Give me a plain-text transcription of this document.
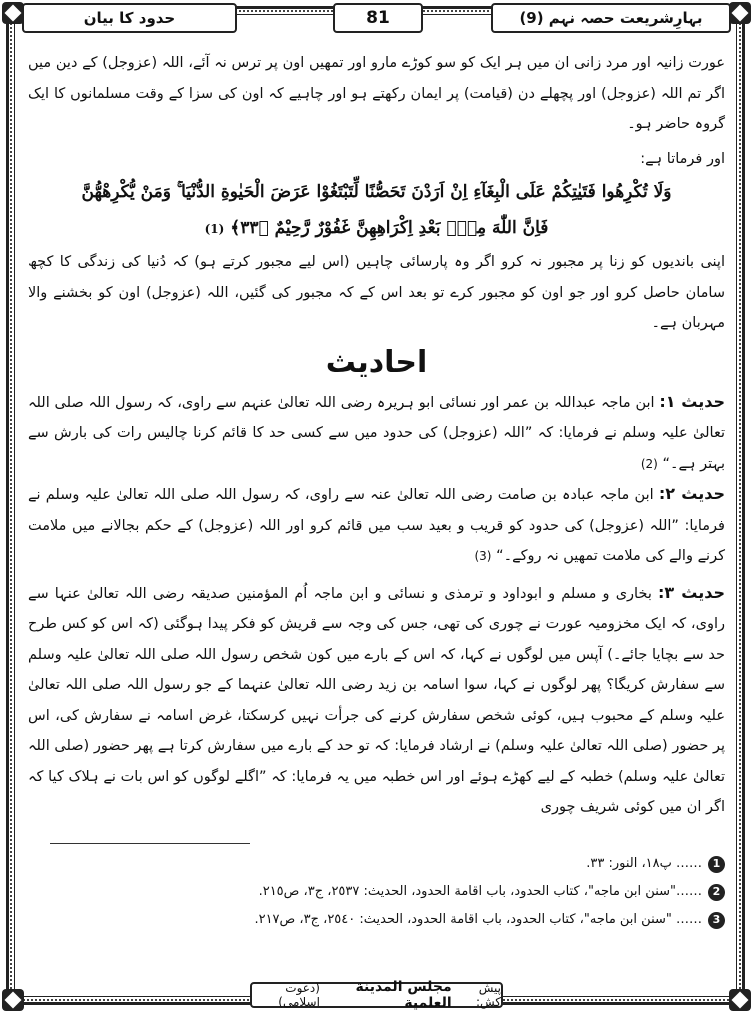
بہارِشریعت حصہ نہم (9)
81
حدود کا بیان

عورت زانیہ اور مرد زانی ان میں ہر ایک کو سو کوڑے مارو اور تمھیں اون پر ترس نہ آئے، اللہ (عزوجل) کے دین میں اگر تم اللہ (عزوجل) اور پچھلے دن (قیامت) پر ایمان رکھتے ہو اور چاہیے کہ اون کی سزا کے وقت مسلمانوں کا ایک گروہ حاضر ہو۔

اور فرماتا ہے:

وَلَا تُكْرِهُوا فَتَيٰتِكُمْ عَلَى الْبِغَآءِ اِنْ اَرَدْنَ تَحَصُّنًا لِّتَبْتَغُوْا عَرَضَ الْحَيٰوةِ الدُّنْيَا ۚ وَمَنْ يُّكْرِهْهُّنَّ

فَاِنَّ اللّٰهَ مِنْۢ بَعْدِ اِكْرَاهِهِنَّ غَفُوْرٌ رَّحِيْمٌ ﴿٣٣﴾ (1)

اپنی باندیوں کو زنا پر مجبور نہ کرو اگر وہ پارسائی چاہیں (اس لیے مجبور کرتے ہو) کہ دُنیا کی زندگی کا کچھ سامان حاصل کرو اور جو اون کو مجبور کرے تو بعد اس کے کہ مجبور کی گئیں، اللہ (عزوجل) اون کو بخشنے والا مہربان ہے۔

احادیث

حدیث ۱: ابن ماجہ عبداللہ بن عمر اور نسائی ابو ہریرہ رضی اللہ تعالیٰ عنہم سے راوی، کہ رسول اللہ صلی اللہ تعالیٰ علیہ وسلم نے فرمایا: کہ ”اللہ (عزوجل) کی حدود میں سے کسی حد کا قائم کرنا چالیس رات کی بارش سے بہتر ہے۔“ (2)

حدیث ۲: ابن ماجہ عبادہ بن صامت رضی اللہ تعالیٰ عنہ سے راوی، کہ رسول اللہ صلی اللہ تعالیٰ علیہ وسلم نے فرمایا: ”اللہ (عزوجل) کی حدود کو قریب و بعید سب میں قائم کرو اور اللہ (عزوجل) کے حکم بجالانے میں ملامت کرنے والے کی ملامت تمھیں نہ روکے۔“ (3)

حدیث ۳: بخاری و مسلم و ابوداود و ترمذی و نسائی و ابن ماجہ اُم المؤمنین صدیقہ رضی اللہ تعالیٰ عنہا سے راوی، کہ ایک مخزومیہ عورت نے چوری کی تھی، جس کی وجہ سے قریش کو فکر پیدا ہوگئی (کہ اس کو کس طرح حد سے بچایا جائے۔) آپس میں لوگوں نے کہا، کہ اس کے بارے میں کون شخص رسول اللہ صلی اللہ تعالیٰ علیہ وسلم سے سفارش کریگا؟ پھر لوگوں نے کہا، سوا اسامہ بن زید رضی اللہ تعالیٰ عنہما کے جو رسول اللہ صلی اللہ تعالیٰ علیہ وسلم کے محبوب ہیں، کوئی شخص سفارش کرنے کی جرأت نہیں کرسکتا، غرض اسامہ نے سفارش کی، اس پر حضور (صلی اللہ تعالیٰ علیہ وسلم) نے ارشاد فرمایا: کہ تو حد کے بارے میں سفارش کرتا ہے پھر حضور (صلی اللہ تعالیٰ علیہ وسلم) خطبہ کے لیے کھڑے ہوئے اور اس خطبہ میں یہ فرمایا: کہ ”اگلے لوگوں کو اس بات نے ہلاک کیا کہ اگر ان میں کوئی شریف چوری

1
…… پ۱۸، النور: ۳۳.
2
……"سنن ابن ماجه"، كتاب الحدود، باب اقامة الحدود، الحديث: ٢٥٣٧، ج٣، ص٢١٥.
3
…… "سنن ابن ماجه"، كتاب الحدود، باب اقامة الحدود، الحديث: ٢٥٤٠، ج٣، ص٢١٧.
پیش کش:
مجلس المدينة العلمية
(دعوت اسلامی)
